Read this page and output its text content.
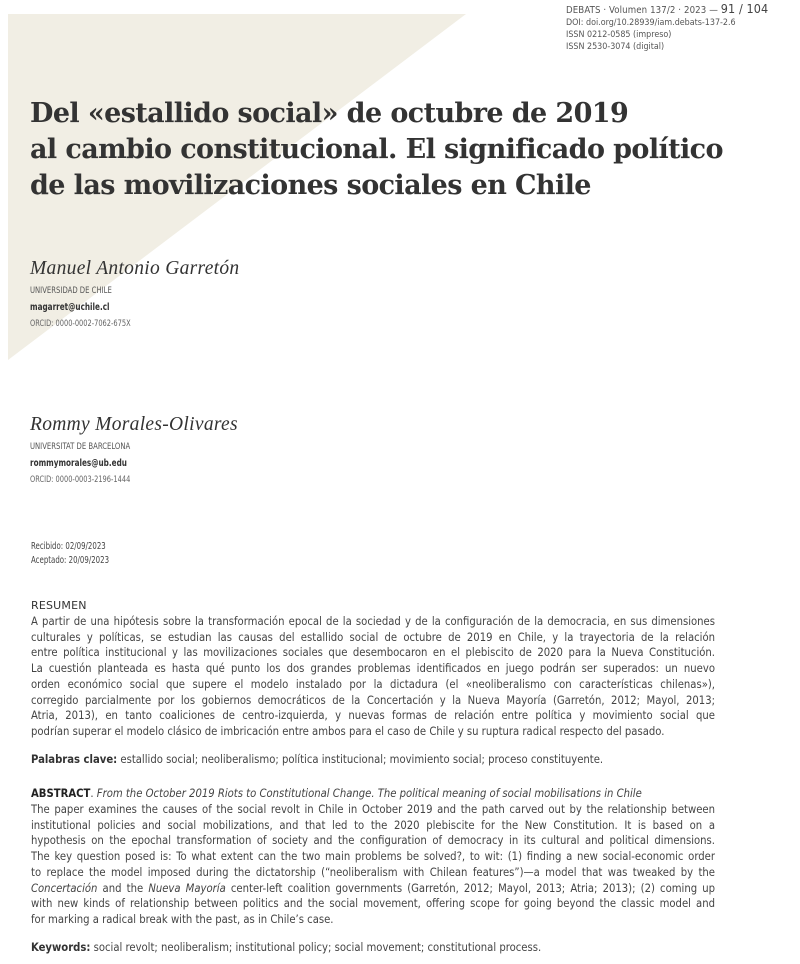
DEBATS · Volumen 137/2 · 2023 — 91 / 104
DOI: doi.org/10.28939/iam.debats-137-2.6
ISSN 0212-0585 (impreso)
ISSN 2530-3074 (digital)
Del «estallido social» de octubre de 2019
al cambio constitucional. El significado político
de las movilizaciones sociales en Chile
Manuel Antonio Garretón
UNIVERSIDAD DE CHILE
magarret@uchile.cl
ORCID: 0000-0002-7062-675X
Rommy Morales-Olivares
UNIVERSITAT DE BARCELONA
rommymorales@ub.edu
ORCID: 0000-0003-2196-1444
Recibido: 02/09/2023
Aceptado: 20/09/2023
RESUMEN
A partir de una hipótesis sobre la transformación epocal de la sociedad y de la configuración de la democracia, en sus dimensiones
culturales y políticas, se estudian las causas del estallido social de octubre de 2019 en Chile, y la trayectoria de la relación
entre política institucional y las movilizaciones sociales que desembocaron en el plebiscito de 2020 para la Nueva Constitución.
La cuestión planteada es hasta qué punto los dos grandes problemas identificados en juego podrán ser superados: un nuevo
orden económico social que supere el modelo instalado por la dictadura (el «neoliberalismo con características chilenas»),
corregido parcialmente por los gobiernos democráticos de la Concertación y la Nueva Mayoría (Garretón, 2012; Mayol, 2013;
Atria, 2013), en tanto coaliciones de centro-izquierda, y nuevas formas de relación entre política y movimiento social que
podrían superar el modelo clásico de imbricación entre ambos para el caso de Chile y su ruptura radical respecto del pasado.
Palabras clave: estallido social; neoliberalismo; política institucional; movimiento social; proceso constituyente.
ABSTRACT. From the October 2019 Riots to Constitutional Change. The political meaning of social mobilisations in Chile
The paper examines the causes of the social revolt in Chile in October 2019 and the path carved out by the relationship between
institutional policies and social mobilizations, and that led to the 2020 plebiscite for the New Constitution. It is based on a
hypothesis on the epochal transformation of society and the configuration of democracy in its cultural and political dimensions.
The key question posed is: To what extent can the two main problems be solved?, to wit: (1) finding a new social-economic order
to replace the model imposed during the dictatorship (“neoliberalism with Chilean features”)—a model that was tweaked by the
Concertación and the Nueva Mayoría center-left coalition governments (Garretón, 2012; Mayol, 2013; Atria; 2013); (2) coming up
with new kinds of relationship between politics and the social movement, offering scope for going beyond the classic model and
for marking a radical break with the past, as in Chile’s case.
Keywords: social revolt; neoliberalism; institutional policy; social movement; constitutional process.
